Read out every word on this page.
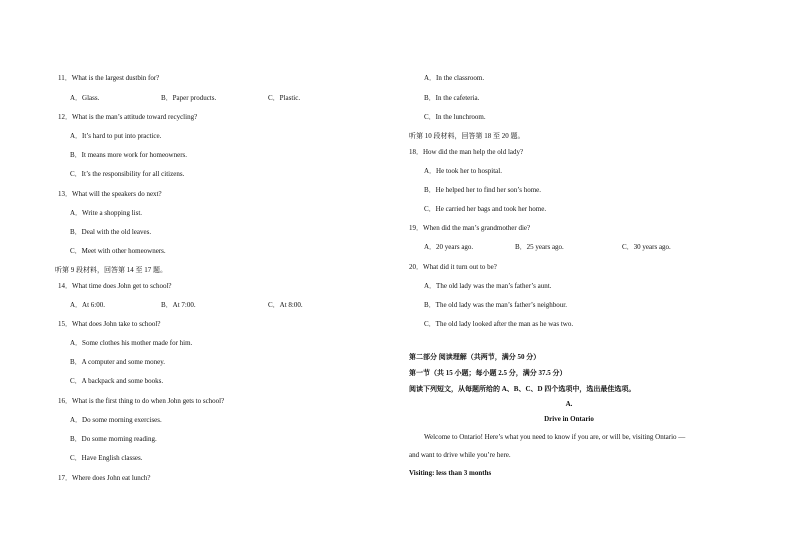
11．What is the largest dustbin for?
A．Glass.	B．Paper products.	C．Plastic.
12．What is the man’s attitude toward recycling?
A．It’s hard to put into practice.
B．It means more work for homeowners.
C．It’s the responsibility for all citizens.
13．What will the speakers do next?
A．Write a shopping list.
B．Deal with the old leaves.
C．Meet with other homeowners.
听第 9 段材料，回答第 14 至 17 题。
14．What time does John get to school?
A．At 6:00.	B．At 7:00.	C．At 8:00.
15．What does John take to school?
A．Some clothes his mother made for him.
B．A computer and some money.
C．A backpack and some books.
16．What is the first thing to do when John gets to school?
A．Do some morning exercises.
B．Do some morning reading.
C．Have English classes.
17．Where does John eat lunch?
A．In the classroom.
B．In the cafeteria.
C．In the lunchroom.
听第 10 段材料，回答第 18 至 20 题。
18．How did the man help the old lady?
A．He took her to hospital.
B．He helped her to find her son’s home.
C．He carried her bags and took her home.
19．When did the man’s grandmother die?
A．20 years ago.	B．25 years ago.	C．30 years ago.
20．What did it turn out to be?
A．The old lady was the man’s father’s aunt.
B．The old lady was the man’s father’s neighbour.
C．The old lady looked after the man as he was two.
第二部分 阅读理解（共两节，满分 50 分）
第一节（共 15 小题；每小题 2.5 分，满分 37.5 分）
阅读下列短文，从每题所给的 A、B、C、D 四个选项中，选出最佳选项。
A.
Drive in Ontario
Welcome to Ontario! Here’s what you need to know if you are, or will be, visiting Ontario —
and want to drive while you’re here.
Visiting: less than 3 months
